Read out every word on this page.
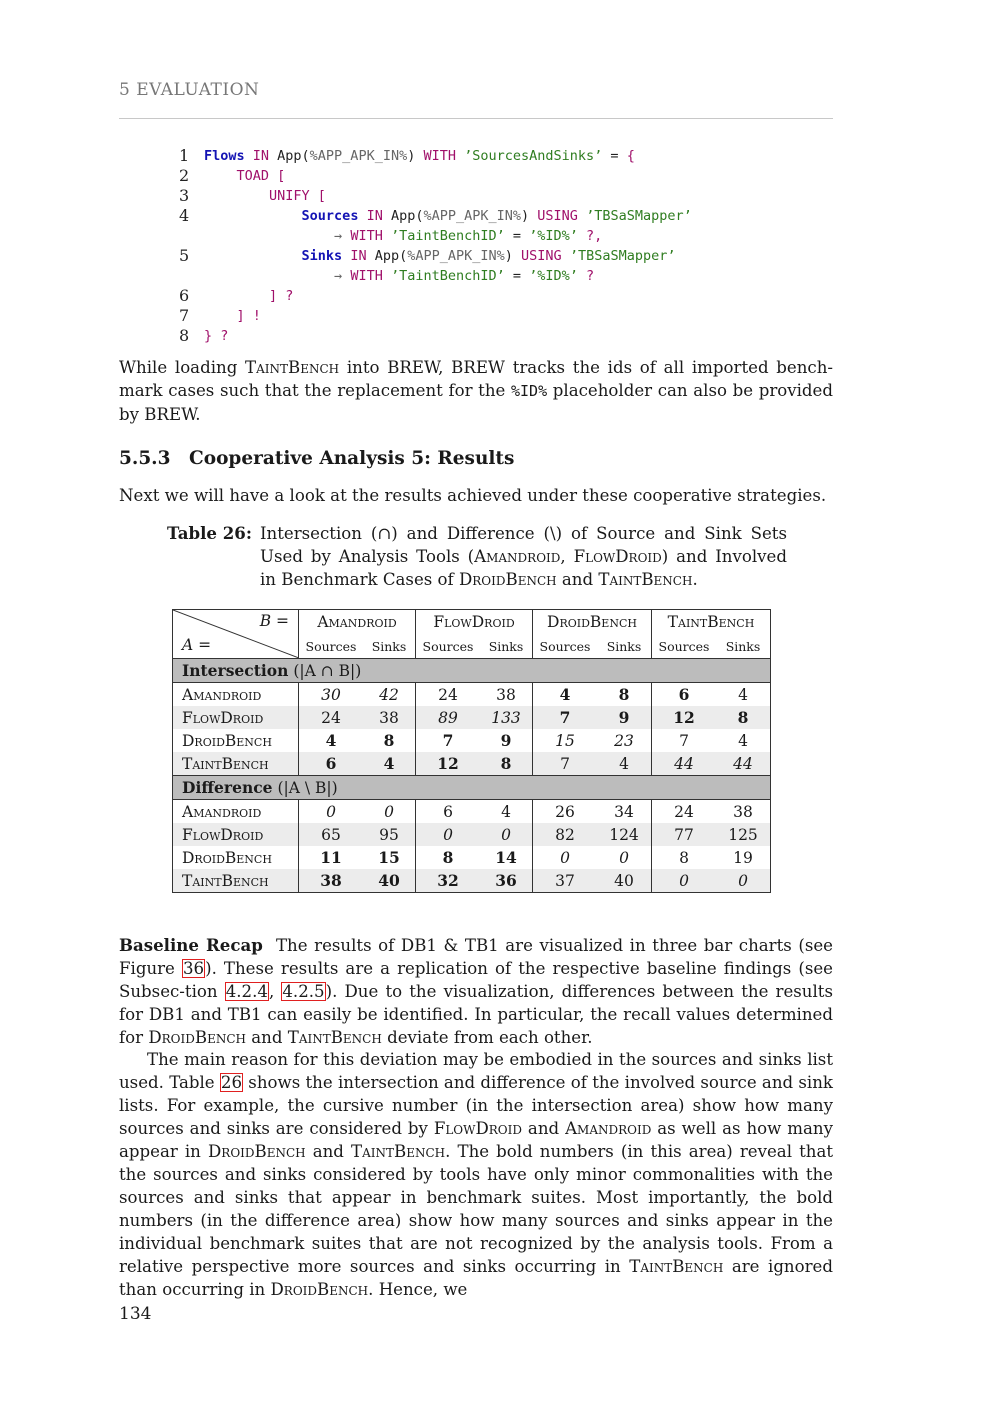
5 EVALUATION
1 Flows IN App(%APP_APK_IN%) WITH ’SourcesAndSinks’ = {
2 TOAD [
3 UNIFY [
4	Sources IN App(%APP_APK_IN%) USING ’TBSaSMapper’
→ WITH ’TaintBenchID’ = ’%ID%’ ?,
5	Sinks IN App(%APP_APK_IN%) USING ’TBSaSMapper’
→ WITH ’TaintBenchID’ = ’%ID%’ ?
6 ] ?
7 ] !
8 } ?
While loading TaintBench into BREW, BREW tracks the ids of all imported bench-mark cases such that the replacement for the %ID% placeholder can also be provided by BREW.
5.5.3 Cooperative Analysis 5: Results
Next we will have a look at the results achieved under these cooperative strategies.
Table 26: Intersection (∩) and Difference (\) of Source and Sink Sets Used by Analysis Tools (Amandroid, FlowDroid) and Involved in Benchmark Cases of DroidBench and TaintBench.
B =
A =	Amandroid		FlowDroid		DroidBench		TaintBench	
	Sources	Sinks	Sources	Sinks	Sources	Sinks	Sources	Sinks
Intersection (|A ∩ B|)								
Amandroid	30	42	24	38	4	8	6	4
FlowDroid	24	38	89	133	7	9	12	8
DroidBench	4	8	7	9	15	23	7	4
TaintBench	6	4	12	8	7	4	44	44
Difference (|A \ B|)								
Amandroid	0	0	6	4	26	34	24	38
FlowDroid	65	95	0	0	82	124	77	125
DroidBench	11	15	8	14	0	0	8	19
TaintBench	38	40	32	36	37	40	0	0
Baseline Recap  The results of DB1 & TB1 are visualized in three bar charts (see Figure 36). These results are a replication of the respective baseline findings (see Subsec-tion 4.2.4, 4.2.5). Due to the visualization, differences between the results for DB1 and TB1 can easily be identified. In particular, the recall values determined for DroidBench and TaintBench deviate from each other.
The main reason for this deviation may be embodied in the sources and sinks list used. Table 26 shows the intersection and difference of the involved source and sink lists. For example, the cursive number (in the intersection area) show how many sources and sinks are considered by FlowDroid and Amandroid as well as how many appear in DroidBench and TaintBench. The bold numbers (in this area) reveal that the sources and sinks considered by tools have only minor commonalities with the sources and sinks that appear in benchmark suites. Most importantly, the bold numbers (in the difference area) show how many sources and sinks appear in the individual benchmark suites that are not recognized by the analysis tools. From a relative perspective more sources and sinks occurring in TaintBench are ignored than occurring in DroidBench. Hence, we
134
